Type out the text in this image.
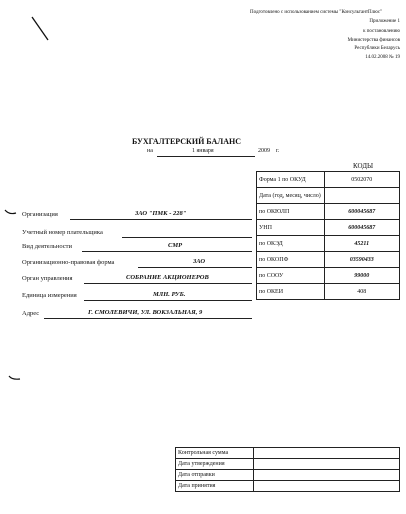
Подготовлено с использованием системы "КонсультантПлюс"
Приложение 1
к постановлению
Министерства финансов
Республики Беларусь
14.02.2008 № 19
БУХГАЛТЕРСКИЙ БАЛАНС
на	1 января	2009 г.
КОДЫ
Форма 1 по ОКУД	0502070
Дата (год, месяц, число)	
по ОКЮЛП	600045687
УНП	600045687
по ОКЭД	45211
по ОКОПФ	03590433
по СООУ	99000
по ОКЕИ	408
Организация	ЗАО "ПМК - 228"
Учетный номер плательщика
Вид деятельности	СМР
Организационно-правовая форма	ЗАО
Орган управления	СОБРАНИЕ АКЦИОНЕРОВ
Единица измерения	МЛН. РУБ.
Адрес	Г. СМОЛЕВИЧИ, УЛ. ВОКЗАЛЬНАЯ, 9
Контрольная сумма	
Дата утверждения	
Дата отправки	
Дата принятия	
